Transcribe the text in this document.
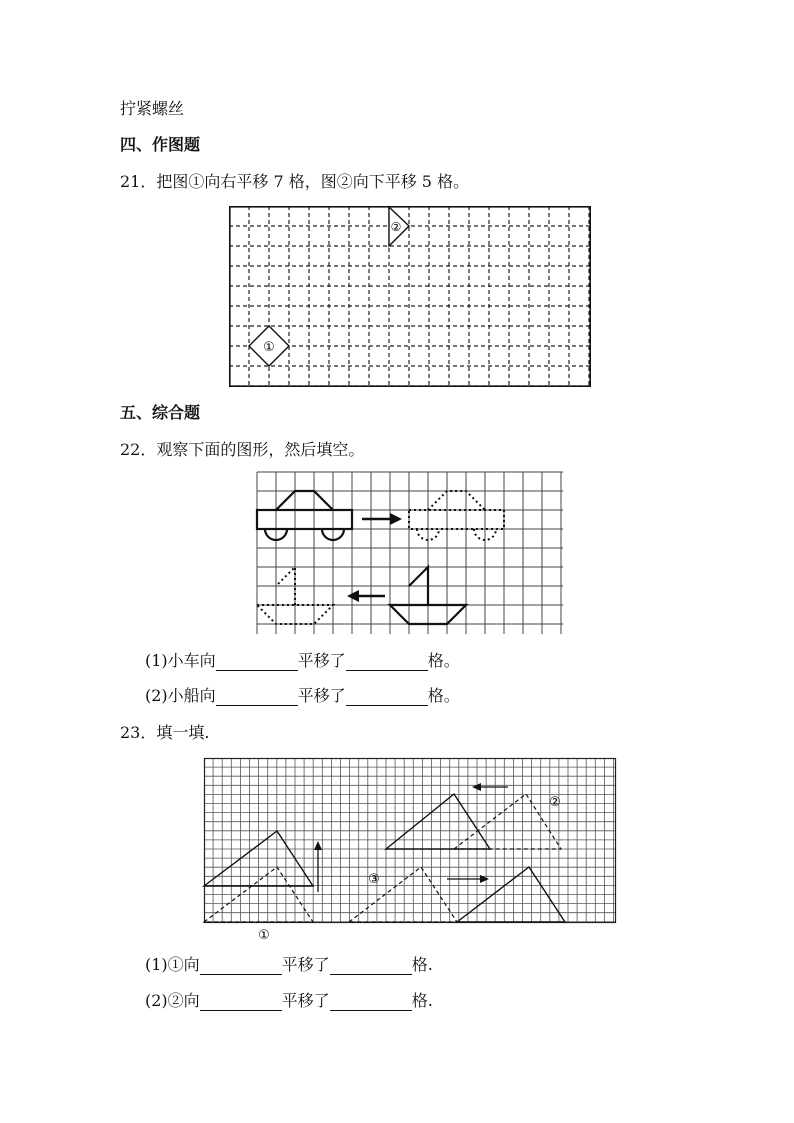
拧紧螺丝
四、作图题
21．把图①向右平移 7 格，图②向下平移 5 格。
①
②
五、综合题
22．观察下面的图形，然后填空。
(1)小车向	平移了	格。
(2)小船向	平移了	格。
23．填一填.
②
③
①
(1)①向	平移了	格.
(2)②向	平移了	格.
